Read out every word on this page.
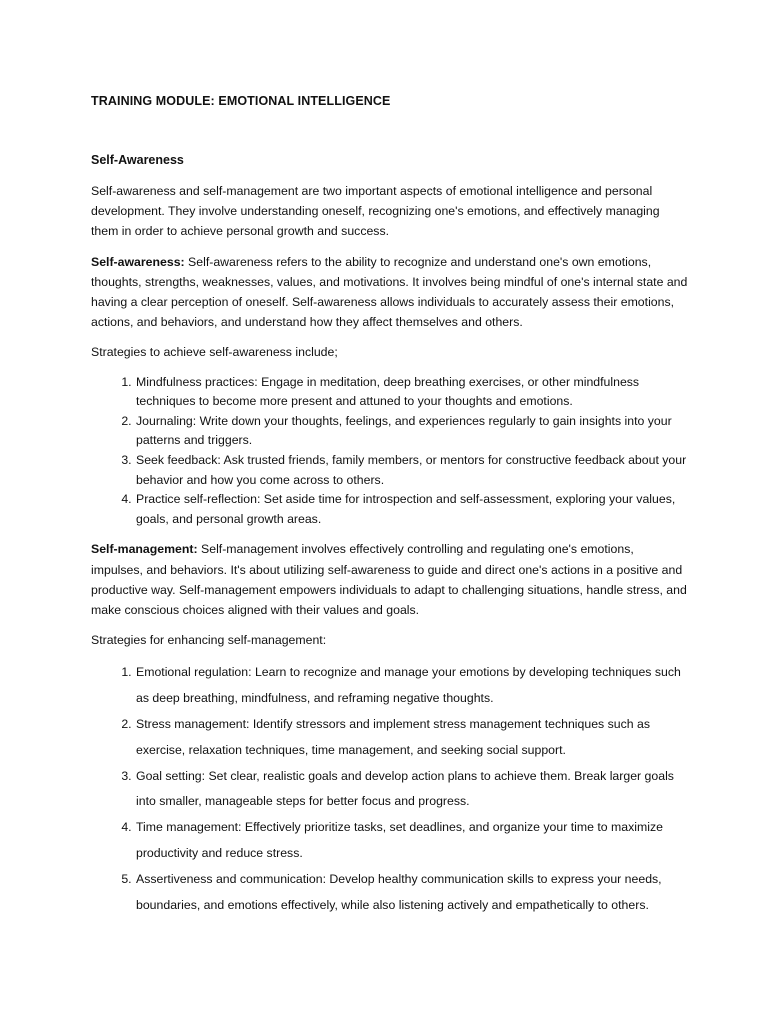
TRAINING MODULE: EMOTIONAL INTELLIGENCE
Self-Awareness

Self-awareness and self-management are two important aspects of emotional intelligence and personal development. They involve understanding oneself, recognizing one's emotions, and effectively managing them in order to achieve personal growth and success.

Self-awareness: Self-awareness refers to the ability to recognize and understand one's own emotions, thoughts, strengths, weaknesses, values, and motivations. It involves being mindful of one's internal state and having a clear perception of oneself. Self-awareness allows individuals to accurately assess their emotions, actions, and behaviors, and understand how they affect themselves and others.

Strategies to achieve self-awareness include;

1. Mindfulness practices: Engage in meditation, deep breathing exercises, or other mindfulness techniques to become more present and attuned to your thoughts and emotions.
2. Journaling: Write down your thoughts, feelings, and experiences regularly to gain insights into your patterns and triggers.
3. Seek feedback: Ask trusted friends, family members, or mentors for constructive feedback about your behavior and how you come across to others.
4. Practice self-reflection: Set aside time for introspection and self-assessment, exploring your values, goals, and personal growth areas.

Self-management: Self-management involves effectively controlling and regulating one's emotions, impulses, and behaviors. It's about utilizing self-awareness to guide and direct one's actions in a positive and productive way. Self-management empowers individuals to adapt to challenging situations, handle stress, and make conscious choices aligned with their values and goals.

Strategies for enhancing self-management:

1. Emotional regulation: Learn to recognize and manage your emotions by developing techniques such as deep breathing, mindfulness, and reframing negative thoughts.
2. Stress management: Identify stressors and implement stress management techniques such as exercise, relaxation techniques, time management, and seeking social support.
3. Goal setting: Set clear, realistic goals and develop action plans to achieve them. Break larger goals into smaller, manageable steps for better focus and progress.
4. Time management: Effectively prioritize tasks, set deadlines, and organize your time to maximize productivity and reduce stress.
5. Assertiveness and communication: Develop healthy communication skills to express your needs, boundaries, and emotions effectively, while also listening actively and empathetically to others.
